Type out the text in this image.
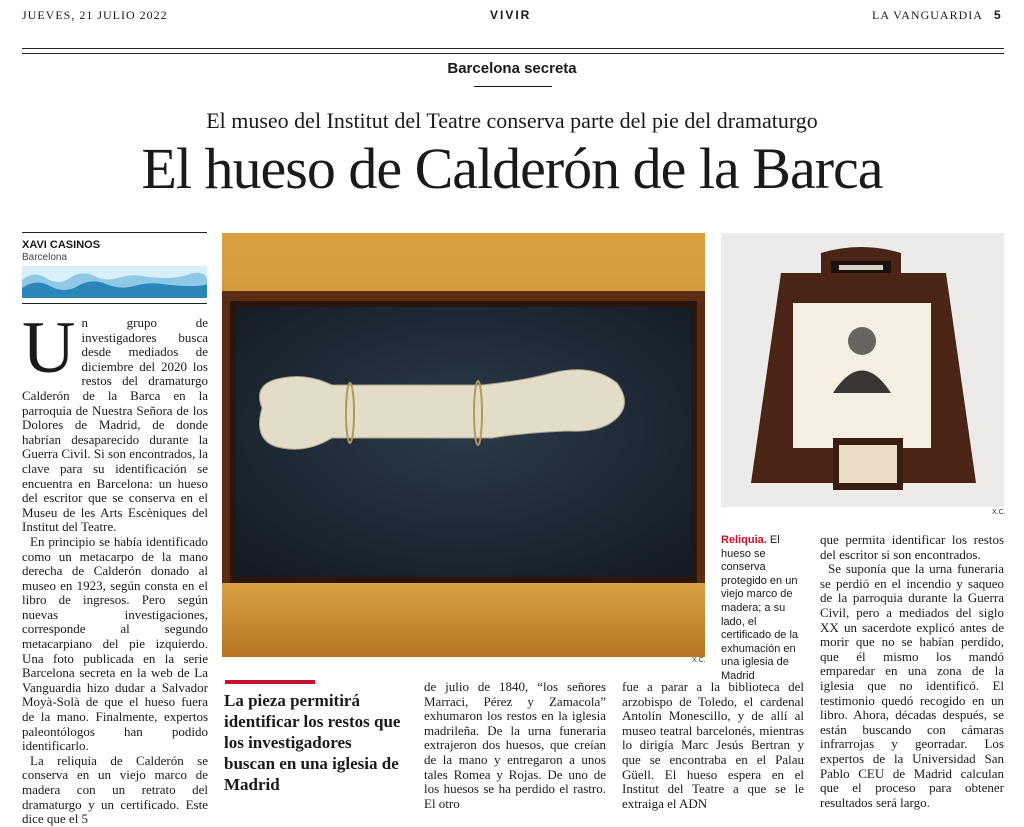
JUEVES, 21 JULIO 2022	VIVIR	LA VANGUARDIA 5
Barcelona secreta
El museo del Institut del Teatre conserva parte del pie del dramaturgo
El hueso de Calderón de la Barca
XAVI CASINOS
Barcelona
U n grupo de investigadores busca desde mediados de diciembre del 2020 los restos del dramaturgo Calderón de la Barca en la parroquia de Nuestra Señora de los Dolores de Madrid, de donde habrían desaparecido durante la Guerra Civil. Si son encontrados, la clave para su identificación se encuentra en Barcelona: un hueso del escritor que se conserva en el Museu de les Arts Escèniques del Institut del Teatre.

En principio se había identificado como un metacarpo de la mano derecha de Calderón donado al museo en 1923, según consta en el libro de ingresos. Pero según nuevas investigaciones, corresponde al segundo metacarpiano del pie izquierdo. Una foto publicada en la serie Barcelona secreta en la web de La Vanguardia hizo dudar a Salvador Moyà-Solà de que el hueso fuera de la mano. Finalmente, expertos paleontólogos han podido identificarlo.

La reliquia de Calderón se conserva en un viejo marco de madera con un retrato del dramaturgo y un certificado. Este dice que el 5

X.C.
X.C.
Reliquia. El hueso se conserva protegido en un viejo marco de madera; a su lado, el certificado de la exhumación en una iglesia de Madrid
La pieza permitirá identificar los restos que los investigadores buscan en una iglesia de Madrid

de julio de 1840, “los señores Marraci, Pérez y Zamacola” exhumaron los restos en la iglesia madrileña. De la urna funeraria extrajeron dos huesos, que creían de la mano y entregaron a unos tales Romea y Rojas. De uno de los huesos se ha perdido el rastro. El otro

fue a parar a la biblioteca del arzobispo de Toledo, el cardenal Antolín Monescillo, y de allí al museo teatral barcelonés, mientras lo dirigía Marc Jesús Bertran y que se encontraba en el Palau Güell. El hueso espera en el Institut del Teatre a que se le extraiga el ADN

que permita identificar los restos del escritor si son encontrados.

Se suponía que la urna funeraria se perdió en el incendio y saqueo de la parroquia durante la Guerra Civil, pero a mediados del siglo XX un sacerdote explicó antes de morir que no se habían perdido, que él mismo los mandó emparedar en una zona de la iglesia que no identificó. El testimonio quedó recogido en un libro. Ahora, décadas después, se están buscando con cámaras infrarrojas y georradar. Los expertos de la Universidad San Pablo CEU de Madrid calculan que el proceso para obtener resultados será largo.
